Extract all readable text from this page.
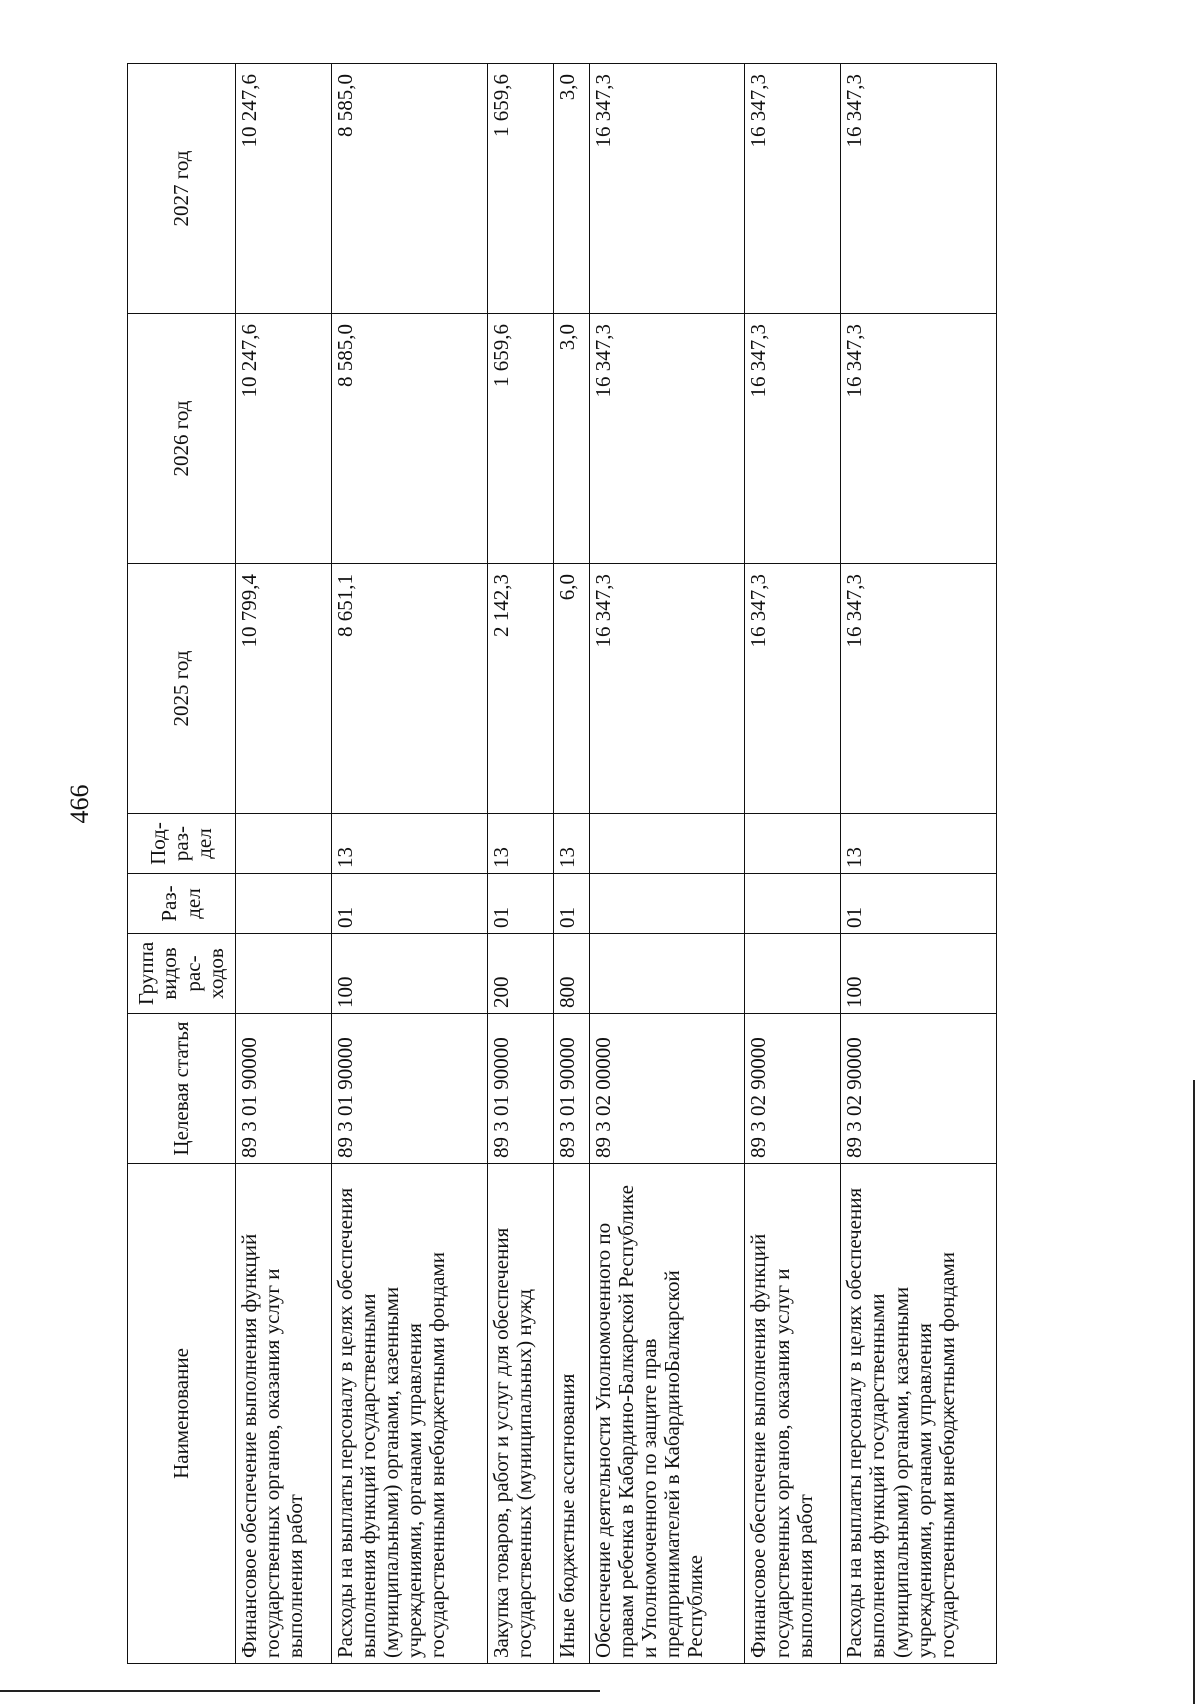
466
Наименование	Целевая статья	Группа видов рас-ходов	Раз-дел	Под-раз-дел	2025 год	2026 год	2027 год
Финансовое обеспечение выполнения функций государственных органов, оказания услуг и выполнения работ	89 3 01 90000				10 799,4	10 247,6	10 247,6
Расходы на выплаты персоналу в целях обеспечения выполнения функций государственными (муниципальными) органами, казенными учреждениями, органами управления государственными внебюджетными фондами	89 3 01 90000	100	01	13	8 651,1	8 585,0	8 585,0
Закупка товаров, работ и услуг для обеспечения государственных (муниципальных) нужд	89 3 01 90000	200	01	13	2 142,3	1 659,6	1 659,6
Иные бюджетные ассигнования	89 3 01 90000	800	01	13	6,0	3,0	3,0
Обеспечение деятельности Уполномоченного по правам ребенка в Кабардино-Балкарской Республике и Уполномоченного по защите прав предпринимателей в КабардиноБалкарской Республике	89 3 02 00000				16 347,3	16 347,3	16 347,3
Финансовое обеспечение выполнения функций государственных органов, оказания услуг и выполнения работ	89 3 02 90000				16 347,3	16 347,3	16 347,3
Расходы на выплаты персоналу в целях обеспечения выполнения функций государственными (муниципальными) органами, казенными учреждениями, органами управления государственными внебюджетными фондами	89 3 02 90000	100	01	13	16 347,3	16 347,3	16 347,3
